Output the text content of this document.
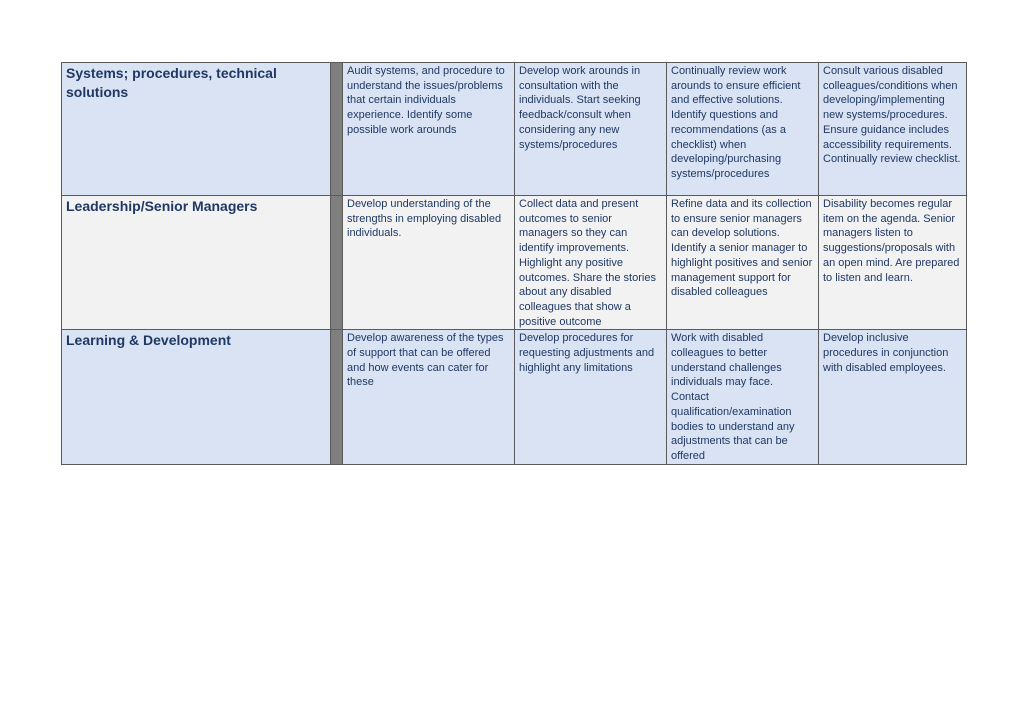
Systems; procedures, technical solutions		Audit systems, and procedure to understand the issues/problems that certain individuals experience. Identify some possible work arounds	Develop work arounds in consultation with the individuals. Start seeking feedback/consult when considering any new systems/procedures	Continually review work arounds to ensure efficient and effective solutions. Identify questions and recommendations (as a checklist) when developing/purchasing systems/procedures	Consult various disabled colleagues/conditions when developing/implementing new systems/procedures. Ensure guidance includes accessibility requirements. Continually review checklist.
Leadership/Senior Managers		Develop understanding of the strengths in employing disabled individuals.	Collect data and present outcomes to senior managers so they can identify improvements. Highlight any positive outcomes. Share the stories about any disabled colleagues that show a positive outcome	Refine data and its collection to ensure senior managers can develop solutions. Identify a senior manager to highlight positives and senior management support for disabled colleagues	Disability becomes regular item on the agenda. Senior managers listen to suggestions/proposals with an open mind. Are prepared to listen and learn.
Learning & Development		Develop awareness of the types of support that can be offered and how events can cater for these	Develop procedures for requesting adjustments and highlight any limitations	Work with disabled colleagues to better understand challenges individuals may face. Contact qualification/examination bodies to understand any adjustments that can be offered	Develop inclusive procedures in conjunction with disabled employees.
